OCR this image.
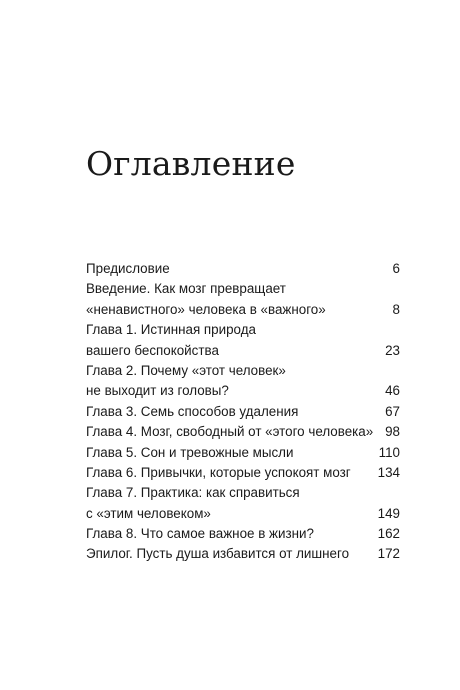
Оглавление
Предисловие	6
Введение. Как мозг превращает
«ненавистного» человека в «важного»	8
Глава 1. Истинная природа
вашего беспокойства	23
Глава 2. Почему «этот человек»
не выходит из головы?	46
Глава 3. Семь способов удаления	67
Глава 4. Мозг, свободный от «этого человека» 98
Глава 5. Сон и тревожные мысли	110
Глава 6. Привычки, которые успокоят мозг	134
Глава 7. Практика: как справиться
с «этим человеком»	149
Глава 8. Что самое важное в жизни?	162
Эпилог. Пусть душа избавится от лишнего	172
